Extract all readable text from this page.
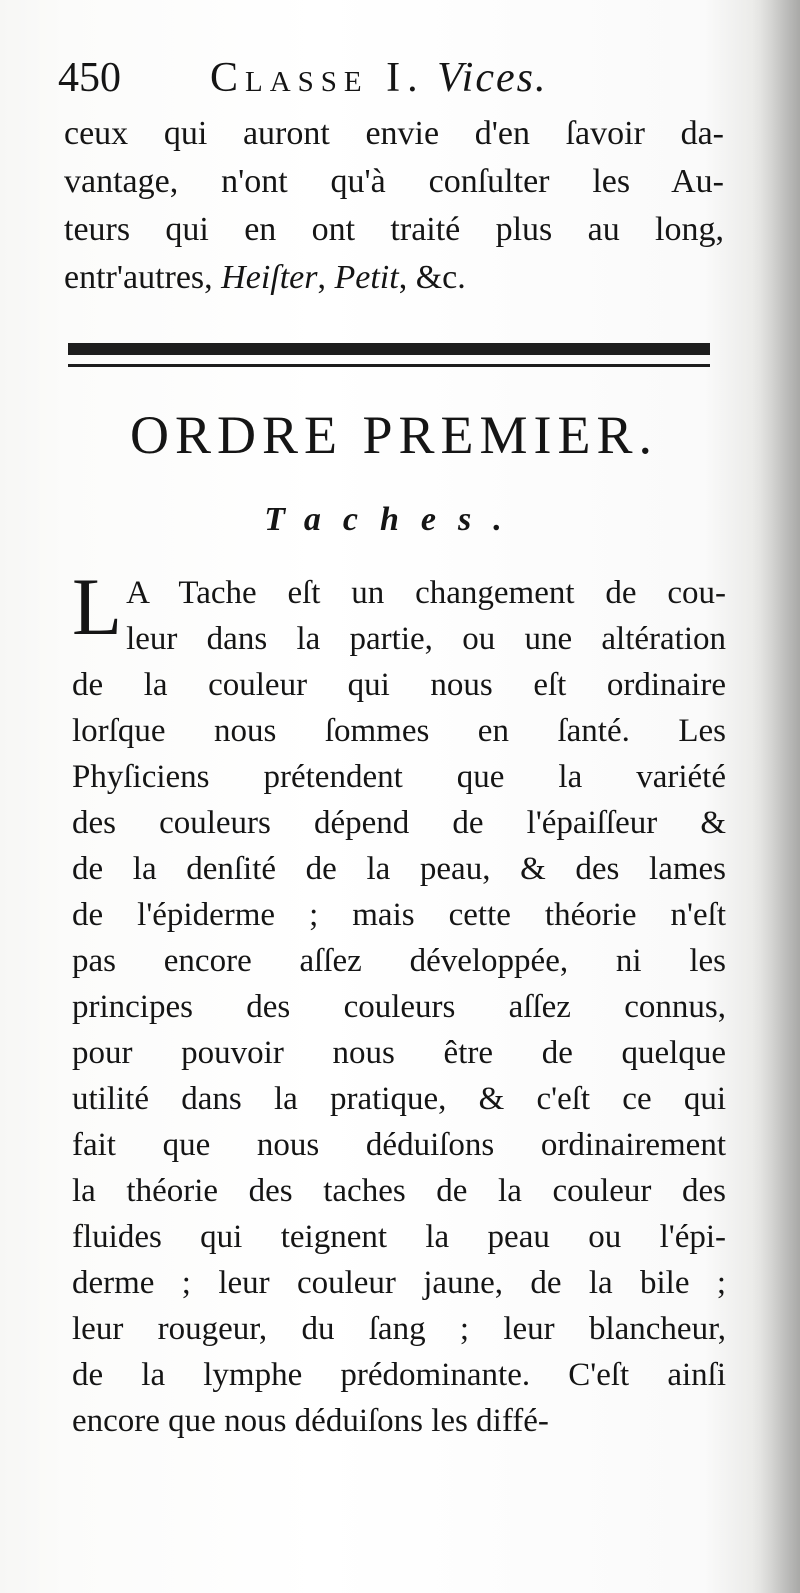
450 Classe I. Vices.
ceux qui auront envie d'en ſavoir da-
vantage, n'ont qu'à conſulter les Au-
teurs qui en ont traité plus au long,
entr'autres, Heiſter, Petit, &c.
ORDRE PREMIER.
Taches.
L A Tache eſt un changement de cou-
leur dans la partie, ou une altération
de la couleur qui nous eſt ordinaire
lorſque nous ſommes en ſanté. Les
Phyſiciens prétendent que la variété
des couleurs dépend de l'épaiſſeur &
de la denſité de la peau, & des lames
de l'épiderme ; mais cette théorie n'eſt
pas encore aſſez développée, ni les
principes des couleurs aſſez connus,
pour pouvoir nous être de quelque
utilité dans la pratique, & c'eſt ce qui
fait que nous déduiſons ordinairement
la théorie des taches de la couleur des
fluides qui teignent la peau ou l'épi-
derme ; leur couleur jaune, de la bile ;
leur rougeur, du ſang ; leur blancheur,
de la lymphe prédominante. C'eſt ainſi
encore que nous déduiſons les diffé-
